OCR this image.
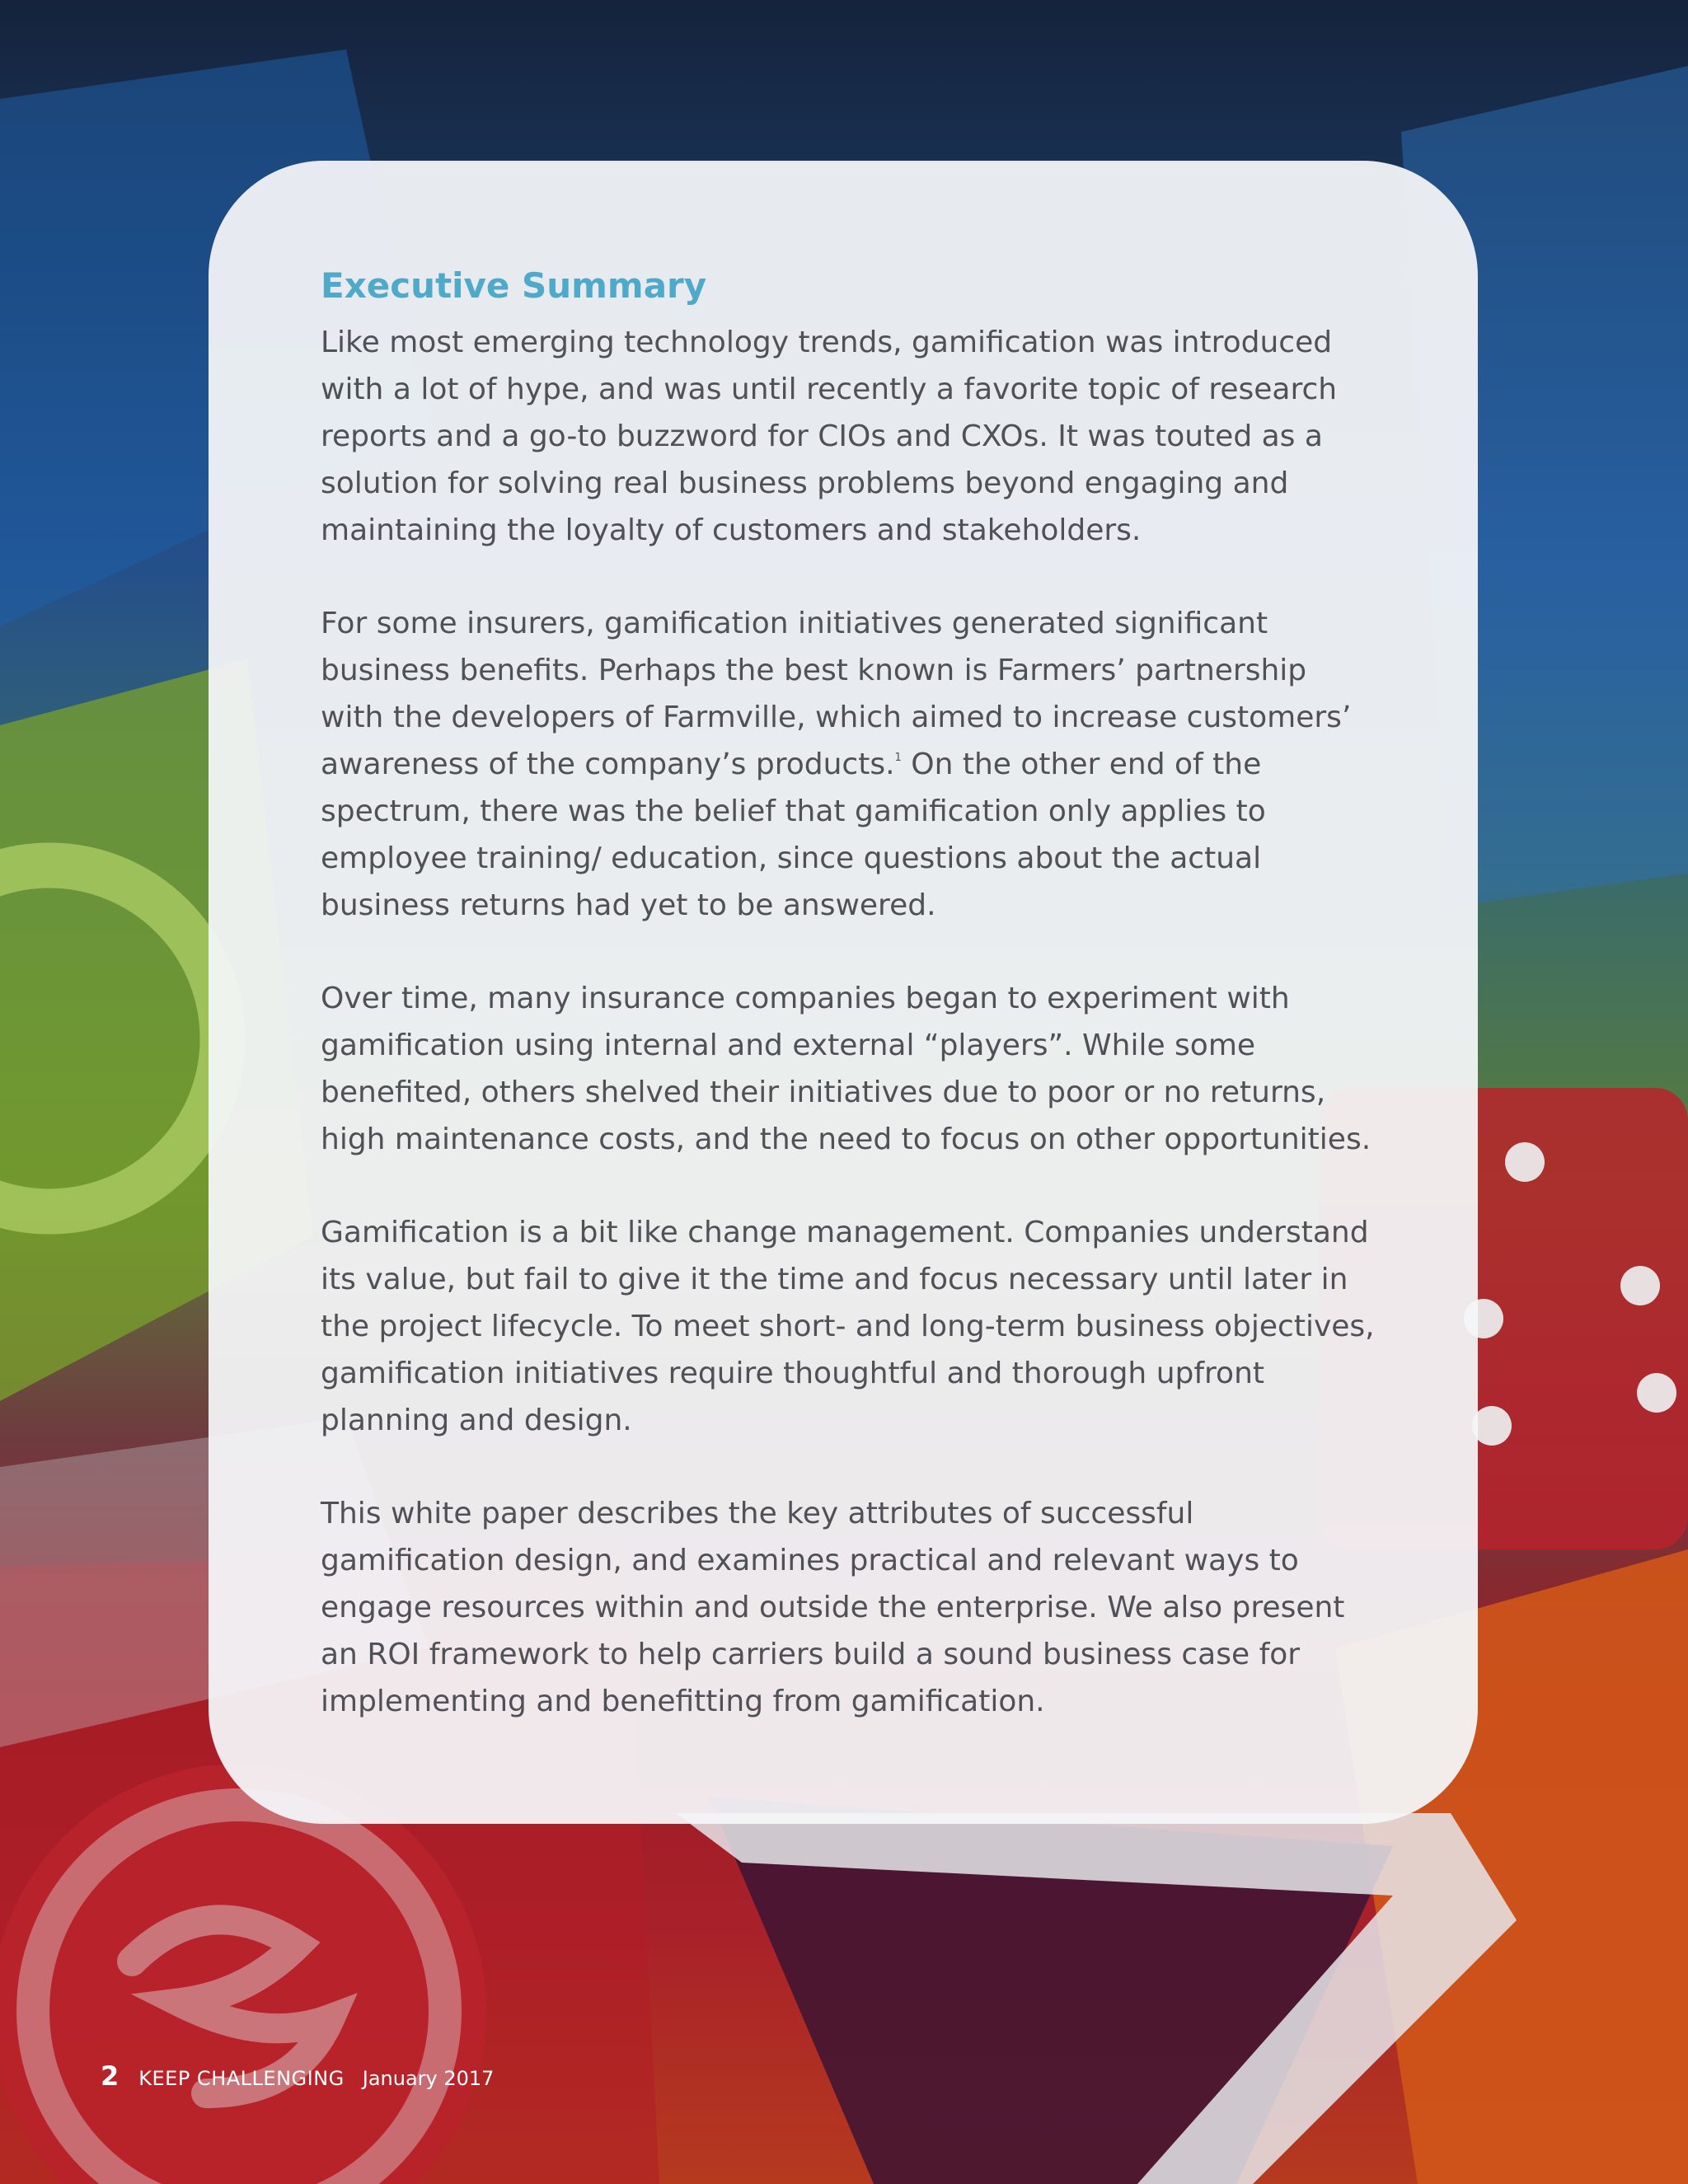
Executive Summary

Like most emerging technology trends, gamification was introduced with a lot of hype, and was until recently a favorite topic of research reports and a go-to buzzword for CIOs and CXOs. It was touted as a solution for solving real business problems beyond engaging and maintaining the loyalty of customers and stakeholders.

For some insurers, gamification initiatives generated significant business benefits. Perhaps the best known is Farmers’ partnership with the developers of Farmville, which aimed to increase customers’ awareness of the company’s products.$^1$ On the other end of the spectrum, there was the belief that gamification only applies to employee training/ education, since questions about the actual business returns had yet to be answered.

Over time, many insurance companies began to experiment with gamification using internal and external “players”. While some benefited, others shelved their initiatives due to poor or no returns, high maintenance costs, and the need to focus on other opportunities.

Gamification is a bit like change management. Companies understand its value, but fail to give it the time and focus necessary until later in the project lifecycle. To meet short- and long-term business objectives, gamification initiatives require thoughtful and thorough upfront planning and design.

This white paper describes the key attributes of successful gamification design, and examines practical and relevant ways to engage resources within and outside the enterprise. We also present an ROI framework to help carriers build a sound business case for implementing and benefitting from gamification.

2 KEEP CHALLENGING January 2017
